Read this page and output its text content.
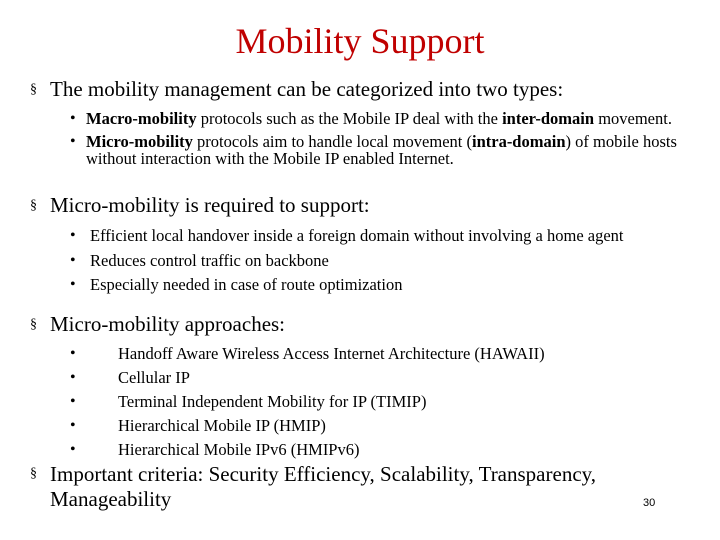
Mobility Support
§ The mobility management can be categorized into two types:
• Macro-mobility protocols such as the Mobile IP deal with the inter-domain movement.
• Micro-mobility protocols aim to handle local movement (intra-domain) of mobile hosts without interaction with the Mobile IP enabled Internet.
§ Micro-mobility is required to support:
• Efficient local handover inside a foreign domain without involving a home agent
• Reduces control traffic on backbone
• Especially needed in case of route optimization
§ Micro-mobility approaches:
•	Handoff Aware Wireless Access Internet Architecture (HAWAII)
•	Cellular IP
•	Terminal Independent Mobility for IP (TIMIP)
•	Hierarchical Mobile IP (HMIP)
•	Hierarchical Mobile IPv6 (HMIPv6)
§ Important criteria: Security Efficiency, Scalability, Transparency, Manageability	30
